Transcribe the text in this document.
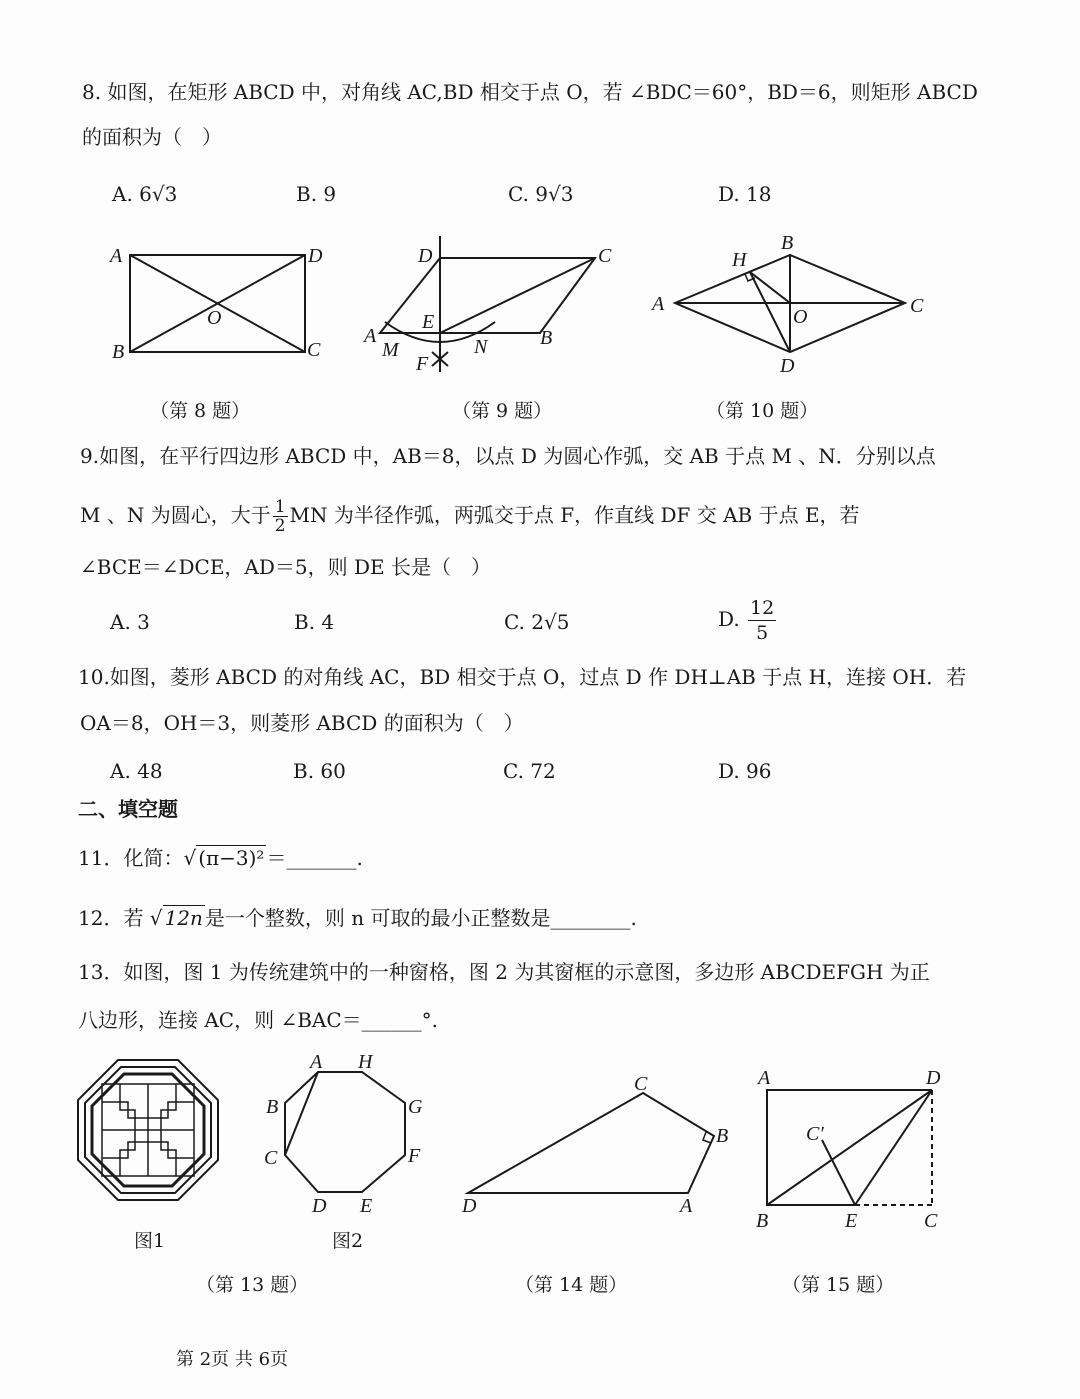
8. 如图，在矩形 ABCD 中，对角线 AC,BD 相交于点 O，若 ∠BDC＝60°，BD＝6，则矩形 ABCD
的面积为（　）
A. 6√3	B. 9	C. 9√3	D. 18
A	D
B	C
O
D	C
A
M
E
F
N	B
H
B
A
O	C
D
A H
B	G
C	F
D E
C
B
D	A
A	D
C′
B	E	C
（第 8 题）	（第 9 题）	（第 10 题）
9.如图，在平行四边形 ABCD 中，AB＝8，以点 D 为圆心作弧，交 AB 于点 M 、N．分别以点
M 、N 为圆心，大于 $\frac{1}{2}$ MN 为半径作弧，两弧交于点 F，作直线 DF 交 AB 于点 E，若
∠BCE＝∠DCE，AD＝5，则 DE 长是（　）
A. 3	B. 4	C. 2√5	D. $\frac{12}{5}$
10.如图，菱形 ABCD 的对角线 AC，BD 相交于点 O，过点 D 作 DH⊥AB 于点 H，连接 OH．若
OA＝8，OH＝3，则菱形 ABCD 的面积为（　）
A. 48	B. 60	C. 72	D. 96
二、填空题
11．化简：√ (π−3)² ＝_______.
12．若 √ 12n 是一个整数，则 n 可取的最小正整数是________.
13．如图，图 1 为传统建筑中的一种窗格，图 2 为其窗框的示意图，多边形 ABCDEFGH 为正
八边形，连接 AC，则 ∠BAC＝______°.
图1	图2
（第 13 题）	（第 14 题）	（第 15 题）
第 2页 共 6页
